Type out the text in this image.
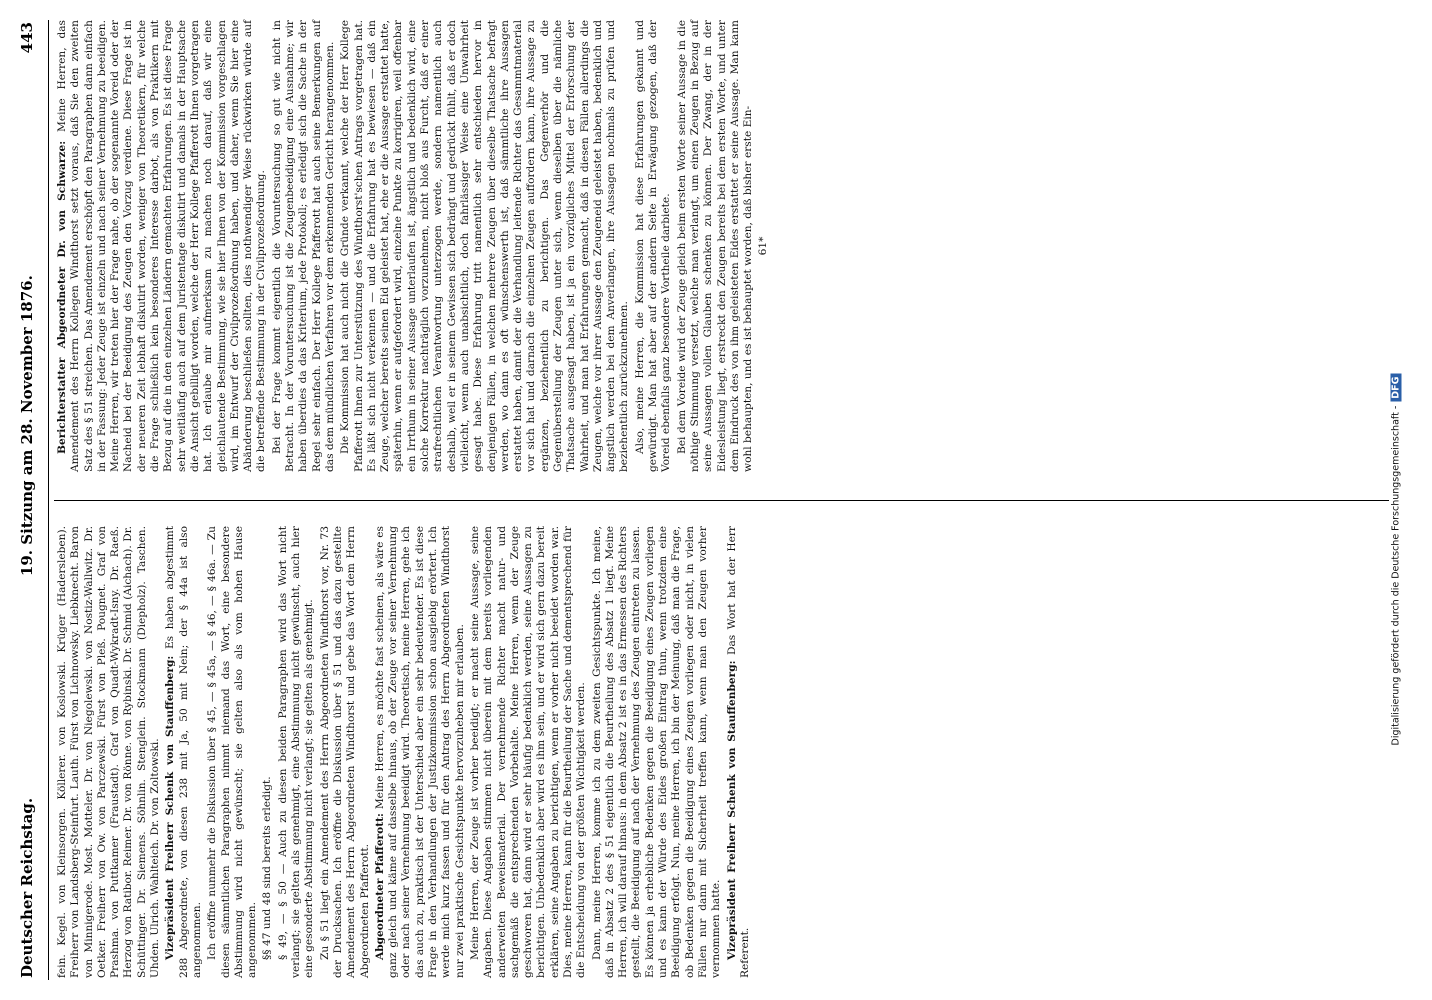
Deutscher Reichstag.
19. Sitzung am 28. November 1876.
443

fein. Kegel. von Kleinsorgen. Köllerer. von Koslowski. Krüger (Hadersleben). Freiherr von Landsberg-Steinfurt. Lauth. Fürst von Lichnowsky. Liebknecht. Baron von Minnigerode. Most. Motteler. Dr. von Niegolewski. von Nostiz-Wallwitz. Dr. Oetker. Freiherr von Ow. von Parczewski. Fürst von Pleß. Pougnet. Graf von Prashma. von Puttkamer (Fraustadt). Graf von Quadt-Wykradt-Isny. Dr. Raeß. Herzog von Ratibor. Reimer. Dr. von Rönne. von Rybinski. Dr. Schmid (Aichach). Dr. Schüttinger. Dr. Siemens. Söhnlin. Stenglein. Stockmann (Diepholz). Taschen. Uhden. Ulrich. Wahlteich. Dr. von Zoltowski. Vizepräsident Freiherr Schenk von Stauffenberg: Es haben abgestimmt 288 Abgeordnete, von diesen 238 mit Ja, 50 mit Nein; der § 44a ist also angenommen. Ich eröffne nunmehr die Diskussion über § 45, — § 45a, — § 46, — § 46a. — Zu diesen sämmtlichen Paragraphen nimmt niemand das Wort, eine besondere Abstimmung wird nicht gewünscht; sie gelten also als vom hohen Hause angenommen. §§ 47 und 48 sind bereits erledigt. § 49, — § 50 — Auch zu diesen beiden Paragraphen wird das Wort nicht verlangt; sie gelten als genehmigt, eine Abstimmung nicht gewünscht, auch hier eine gesonderte Abstimmung nicht verlangt; sie gelten als genehmigt. Zu § 51 liegt ein Amendement des Herrn Abgeordneten Windthorst vor, Nr. 73 der Drucksachen. Ich eröffne die Diskussion über § 51 und das dazu gestellte Amendement des Herrn Abgeordneten Windthorst und gebe das Wort dem Herrn Abgeordneten Pfafferott. Abgeordneter Pfafferott: Meine Herren, es möchte fast scheinen, als wäre es ganz gleich und käme auf dasselbe hinaus, ob der Zeuge vor seiner Vernehmung oder nach seiner Vernehmung beeidigt wird. Theoretisch, meine Herren, gehe ich das auch zu, praktisch ist der Unterschied aber ein sehr bedeutender. Es ist diese Frage in den Verhandlungen der Justizkommission schon ausgiebig erörtert. Ich werde mich kurz fassen und für den Antrag des Herrn Abgeordneten Windthorst nur zwei praktische Gesichtspunkte hervorzuheben mir erlauben. Meine Herren, der Zeuge ist vorher beeidigt; er macht seine Aussage, seine Angaben. Diese Angaben stimmen nicht überein mit dem bereits vorliegenden anderweiten Beweismaterial. Der vernehmende Richter macht natur- und sachgemäß die entsprechenden Vorbehalte. Meine Herren, wenn der Zeuge geschworen hat, dann wird er sehr häufig bedenklich werden, seine Aussagen zu berichtigen. Unbedenklich aber wird es ihm sein, und er wird sich gern dazu bereit erklären, seine Angaben zu berichtigen, wenn er vorher nicht beeidet worden war. Dies, meine Herren, kann für die Beurtheilung der Sache und dementsprechend für die Entscheidung von der größten Wichtigkeit werden. Dann, meine Herren, komme ich zu dem zweiten Gesichtspunkte. Ich meine, daß in Absatz 2 des § 51 eigentlich die Beurtheilung des Absatz 1 liegt. Meine Herren, ich will darauf hinaus: in dem Absatz 2 ist es in das Ermessen des Richters gestellt, die Beeidigung auf nach der Vernehmung des Zeugen eintreten zu lassen. Es können ja erhebliche Bedenken gegen die Beeidigung eines Zeugen vorliegen und es kann der Würde des Eides großen Eintrag thun, wenn trotzdem eine Beeidigung erfolgt. Nun, meine Herren, ich bin der Meinung, daß man die Frage, ob Bedenken gegen die Beeidigung eines Zeugen vorliegen oder nicht, in vielen Fällen nur dann mit Sicherheit treffen kann, wenn man den Zeugen vorher vernommen hatte. Vizepräsident Freiherr Schenk von Stauffenberg: Das Wort hat der Herr Referent.

Berichterstatter Abgeordneter Dr. von Schwarze: Meine Herren, das Amendement des Herrn Kollegen Windthorst setzt voraus, daß Sie den zweiten Satz des § 51 streichen. Das Amendement erschöpft den Paragraphen dann einfach in der Fassung: Jeder Zeuge ist einzeln und nach seiner Vernehmung zu beeidigen. Meine Herren, wir treten hier der Frage nahe, ob der sogenannte Voreid oder der Nacheid bei der Beeidigung des Zeugen den Vorzug verdiene. Diese Frage ist in der neueren Zeit lebhaft diskutirt worden, weniger von Theoretikern, für welche die Frage schließlich kein besonderes Interesse darbot, als von Praktikern mit Bezug auf die in den einzelnen Ländern gemachten Erfahrungen. Es ist diese Frage sehr weitläufig auch auf dem Juristentage diskutirt und damals in der Hauptsache die Ansicht gebilligt worden, welche der Herr Kollege Pfafferott Ihnen vorgetragen hat. Ich erlaube mir aufmerksam zu machen noch darauf, daß wir eine gleichlautende Bestimmung, wie sie hier Ihnen von der Kommission vorgeschlagen wird, im Entwurf der Civilprozeßordnung haben, und daher, wenn Sie hier eine Abänderung beschließen sollten, dies nothwendiger Weise rückwirken würde auf die betreffende Bestimmung in der Civilprozeßordnung. Bei der Frage kommt eigentlich die Voruntersuchung so gut wie nicht in Betracht. In der Voruntersuchung ist die Zeugenbeeidigung eine Ausnahme; wir haben überdies da das Kriterium, jede Protokoll; es erledigt sich die Sache in der Regel sehr einfach. Der Herr Kollege Pfafferott hat auch seine Bemerkungen auf das dem mündlichen Verfahren vor dem erkennenden Gericht herangenommen. Die Kommission hat auch nicht die Gründe verkannt, welche der Herr Kollege Pfafferott Ihnen zur Unterstützung des Windthorst'schen Antrags vorgetragen hat. Es läßt sich nicht verkennen — und die Erfahrung hat es bewiesen — daß ein Zeuge, welcher bereits seinen Eid geleistet hat, ehe er die Aussage erstattet hatte, späterhin, wenn er aufgefordert wird, einzelne Punkte zu korrigiren, weil offenbar ein Irrthum in seiner Aussage unterlaufen ist, ängstlich und bedenklich wird, eine solche Korrektur nachträglich vorzunehmen, nicht bloß aus Furcht, daß er einer strafrechtlichen Verantwortung unterzogen werde, sondern namentlich auch deshalb, weil er in seinem Gewissen sich bedrängt und gedrückt fühlt, daß er doch vielleicht, wenn auch unabsichtlich, doch fahrlässiger Weise eine Unwahrheit gesagt habe. Diese Erfahrung tritt namentlich sehr entschieden hervor in denjenigen Fällen, in welchen mehrere Zeugen über dieselbe Thatsache befragt werden, wo dann es oft wünschenswerth ist, daß sämmtliche ihre Aussagen erstattet haben, damit der die Verhandlung leitende Richter das Gesammtmaterial vor sich hat und darnach die einzelnen Zeugen auffordern kann, ihre Aussage zu ergänzen, beziehentlich zu berichtigen. Das Gegenverhör und die Gegenüberstellung der Zeugen unter sich, wenn dieselben über die nämliche Thatsache ausgesagt haben, ist ja ein vorzügliches Mittel der Erforschung der Wahrheit, und man hat Erfahrungen gemacht, daß in diesen Fällen allerdings die Zeugen, welche vor ihrer Aussage den Zeugeneid geleistet haben, bedenklich und ängstlich werden bei dem Anverlangen, ihre Aussagen nochmals zu prüfen und beziehentlich zurückzunehmen. Also, meine Herren, die Kommission hat diese Erfahrungen gekannt und gewürdigt. Man hat aber auf der andern Seite in Erwägung gezogen, daß der Voreid ebenfalls ganz besondere Vortheile darbiete. Bei dem Voreide wird der Zeuge gleich beim ersten Worte seiner Aussage in die nöthige Stimmung versetzt, welche man verlangt, um einen Zeugen in Bezug auf seine Aussagen vollen Glauben schenken zu können. Der Zwang, der in der Eidesleistung liegt, erstreckt den Zeugen bereits bei dem ersten Worte, und unter dem Eindruck des von ihm geleisteten Eides erstattet er seine Aussage. Man kann wohl behaupten, und es ist behauptet worden, daß bisher erste Ein- 61*

Digitalisierung gefördert durch die Deutsche Forschungsgemeinschaft -DFG
